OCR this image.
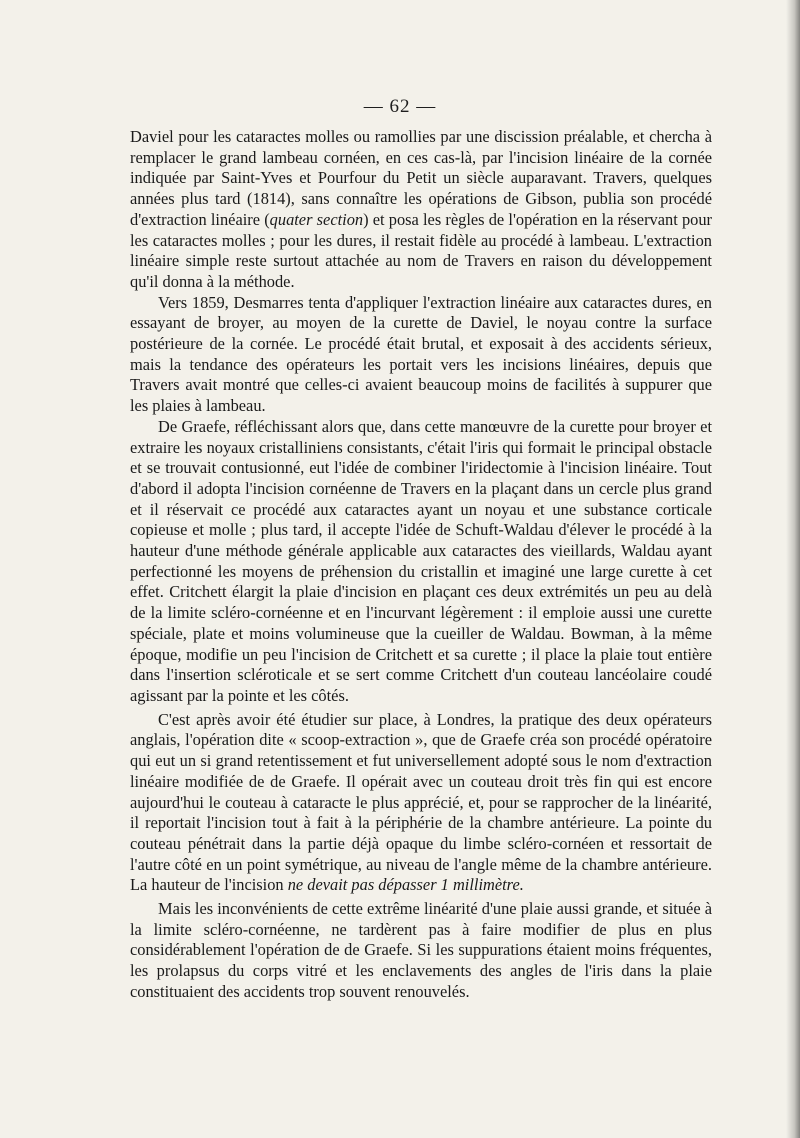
— 62 —

Daviel pour les cataractes molles ou ramollies par une discission préalable, et chercha à remplacer le grand lambeau cornéen, en ces cas-là, par l'incision linéaire de la cornée indiquée par Saint-Yves et Pourfour du Petit un siècle auparavant. Travers, quelques années plus tard (1814), sans connaître les opérations de Gibson, publia son procédé d'extraction linéaire (quater section) et posa les règles de l'opération en la réservant pour les cataractes molles ; pour les dures, il restait fidèle au procédé à lambeau. L'extraction linéaire simple reste surtout attachée au nom de Travers en raison du développement qu'il donna à la méthode.

Vers 1859, Desmarres tenta d'appliquer l'extraction linéaire aux cataractes dures, en essayant de broyer, au moyen de la curette de Daviel, le noyau contre la surface postérieure de la cornée. Le procédé était brutal, et exposait à des accidents sérieux, mais la tendance des opérateurs les portait vers les incisions linéaires, depuis que Travers avait montré que celles-ci avaient beaucoup moins de facilités à suppurer que les plaies à lambeau.

De Graefe, réfléchissant alors que, dans cette manœuvre de la curette pour broyer et extraire les noyaux cristalliniens consistants, c'était l'iris qui formait le principal obstacle et se trouvait contusionné, eut l'idée de combiner l'iridectomie à l'incision linéaire. Tout d'abord il adopta l'incision cornéenne de Travers en la plaçant dans un cercle plus grand et il réservait ce procédé aux cataractes ayant un noyau et une substance corticale copieuse et molle ; plus tard, il accepte l'idée de Schuft-Waldau d'élever le procédé à la hauteur d'une méthode générale applicable aux cataractes des vieillards, Waldau ayant perfectionné les moyens de préhension du cristallin et imaginé une large curette à cet effet. Critchett élargit la plaie d'incision en plaçant ces deux extrémités un peu au delà de la limite scléro-cornéenne et en l'incurvant légèrement : il emploie aussi une curette spéciale, plate et moins volumineuse que la cueiller de Waldau. Bowman, à la même époque, modifie un peu l'incision de Critchett et sa curette ; il place la plaie tout entière dans l'insertion scléroticale et se sert comme Critchett d'un couteau lancéolaire coudé agissant par la pointe et les côtés.

C'est après avoir été étudier sur place, à Londres, la pratique des deux opérateurs anglais, l'opération dite « scoop-extraction », que de Graefe créa son procédé opératoire qui eut un si grand retentissement et fut universellement adopté sous le nom d'extraction linéaire modifiée de de Graefe. Il opérait avec un couteau droit très fin qui est encore aujourd'hui le couteau à cataracte le plus apprécié, et, pour se rapprocher de la linéarité, il reportait l'incision tout à fait à la périphérie de la chambre antérieure. La pointe du couteau pénétrait dans la partie déjà opaque du limbe scléro-cornéen et ressortait de l'autre côté en un point symétrique, au niveau de l'angle même de la chambre antérieure. La hauteur de l'incision ne devait pas dépasser 1 millimètre.

Mais les inconvénients de cette extrême linéarité d'une plaie aussi grande, et située à la limite scléro-cornéenne, ne tardèrent pas à faire modifier de plus en plus considérablement l'opération de de Graefe. Si les suppurations étaient moins fréquentes, les prolapsus du corps vitré et les enclavements des angles de l'iris dans la plaie constituaient des accidents trop souvent renouvelés.
